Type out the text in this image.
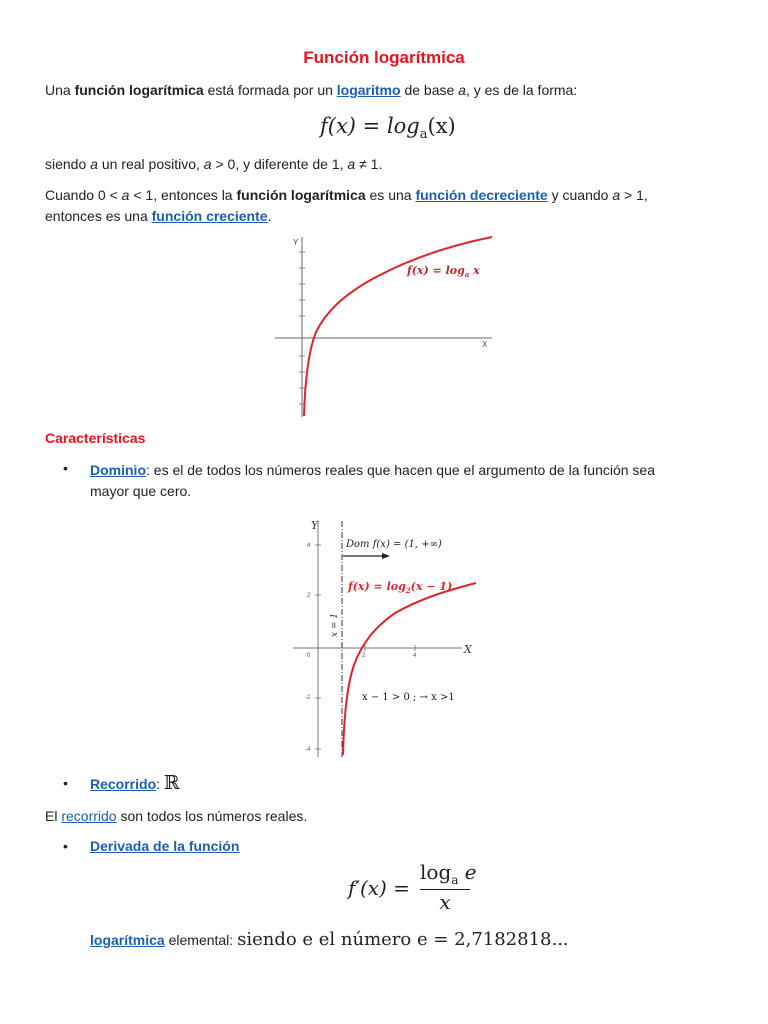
Función logarítmica

Una función logarítmica está formada por un logaritmo de base a, y es de la forma:

$f(x) = \log_a(x)$

siendo a un real positivo, a > 0, y diferente de 1, a ≠ 1.

Cuando 0 < a < 1, entonces la función logarítmica es una función decreciente y cuando a > 1,
entonces es una función creciente.

Y
X
$f(x) = \log_a x$
Características
• Dominio: es el de todos los números reales que hacen que el argumento de la función sea
mayor que cero.

Y
X
4
2
-2
-4
0	2	4
x = 1
Dom f(x) = (1, +∞)
$f(x) = \log_2(x - 1)$
x − 1 > 0 ; → x >1
• Recorrido: ℝ

El recorrido son todos los números reales.

• Derivada de la función

$f'(x) = \frac{\log_a e}{x}$

logarítmica elemental: siendo e el número e = 2,7182818...
